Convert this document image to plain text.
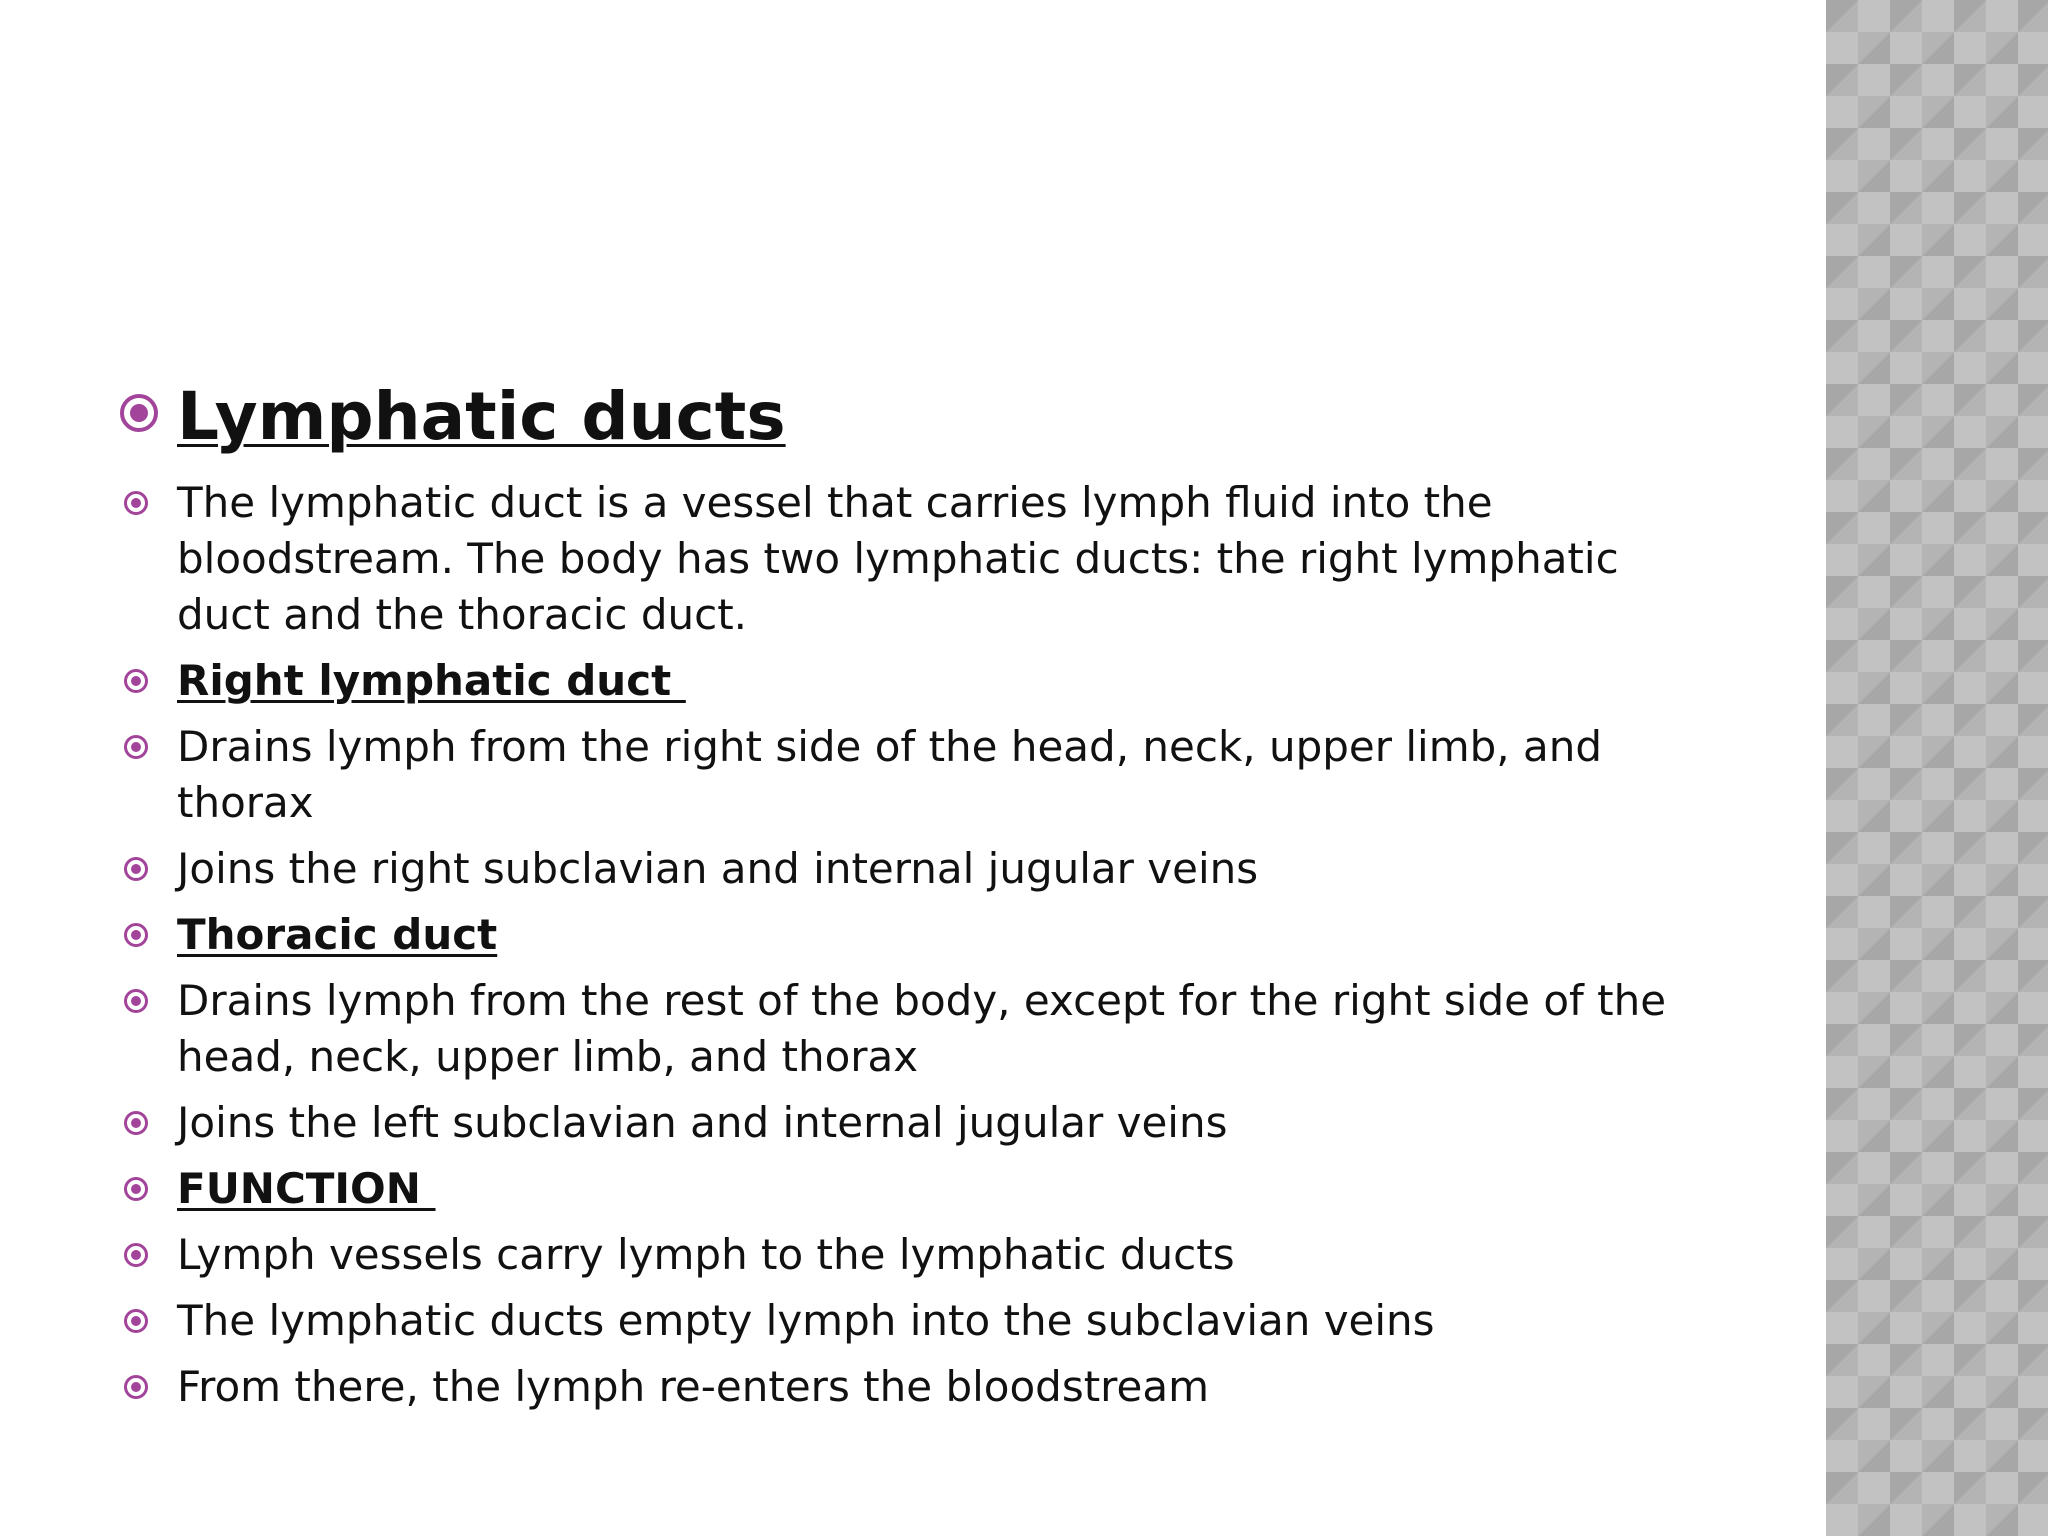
Lymphatic ducts
The lymphatic duct is a vessel that carries lymph fluid into the bloodstream. The body has two lymphatic ducts: the right lymphatic duct and the thoracic duct.
Right lymphatic duct
Drains lymph from the right side of the head, neck, upper limb, and thorax
Joins the right subclavian and internal jugular veins
Thoracic duct
Drains lymph from the rest of the body, except for the right side of the head, neck, upper limb, and thorax
Joins the left subclavian and internal jugular veins
FUNCTION
Lymph vessels carry lymph to the lymphatic ducts
The lymphatic ducts empty lymph into the subclavian veins
From there, the lymph re-enters the bloodstream
